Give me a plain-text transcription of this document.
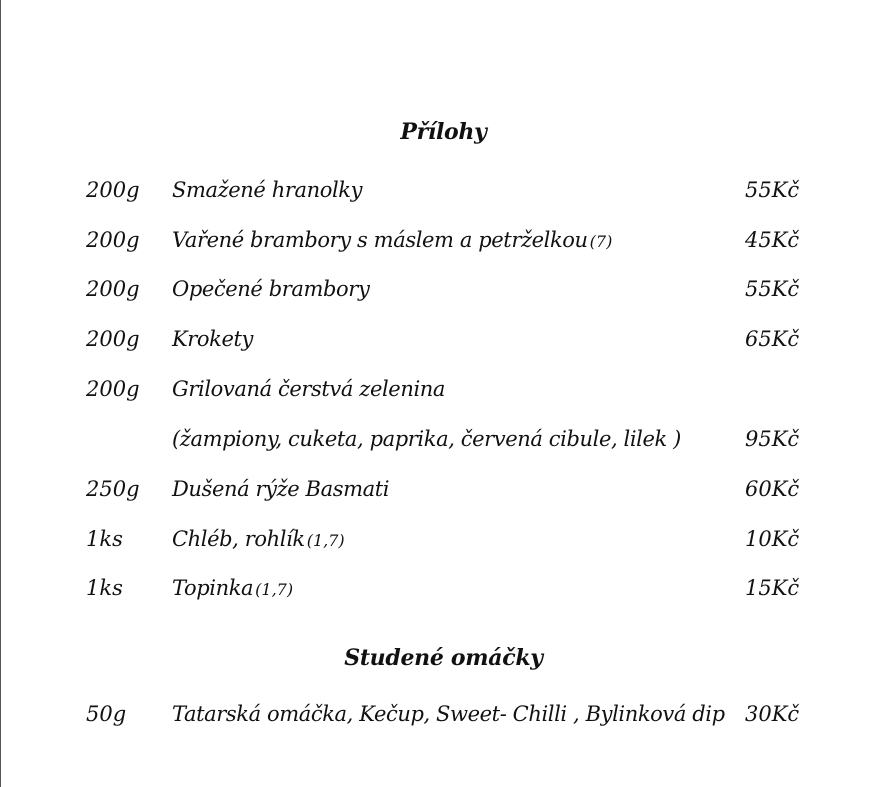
Přílohy
200g Smažené hranolky	55Kč
200g Vařené brambory s máslem a petrželkou (7)	45Kč
200g Opečené brambory	55Kč
200g Krokety	65Kč
200g Grilovaná čerstvá zelenina
(žampiony, cuketa, paprika, červená cibule, lilek )	95Kč
250g Dušená rýže Basmati	60Kč
1ks Chléb, rohlík (1,7)	10Kč
1ks Topinka (1,7)	15Kč
Studené omáčky
50g Tatarská omáčka, Kečup, Sweet- Chilli , Bylinková dip 30Kč
